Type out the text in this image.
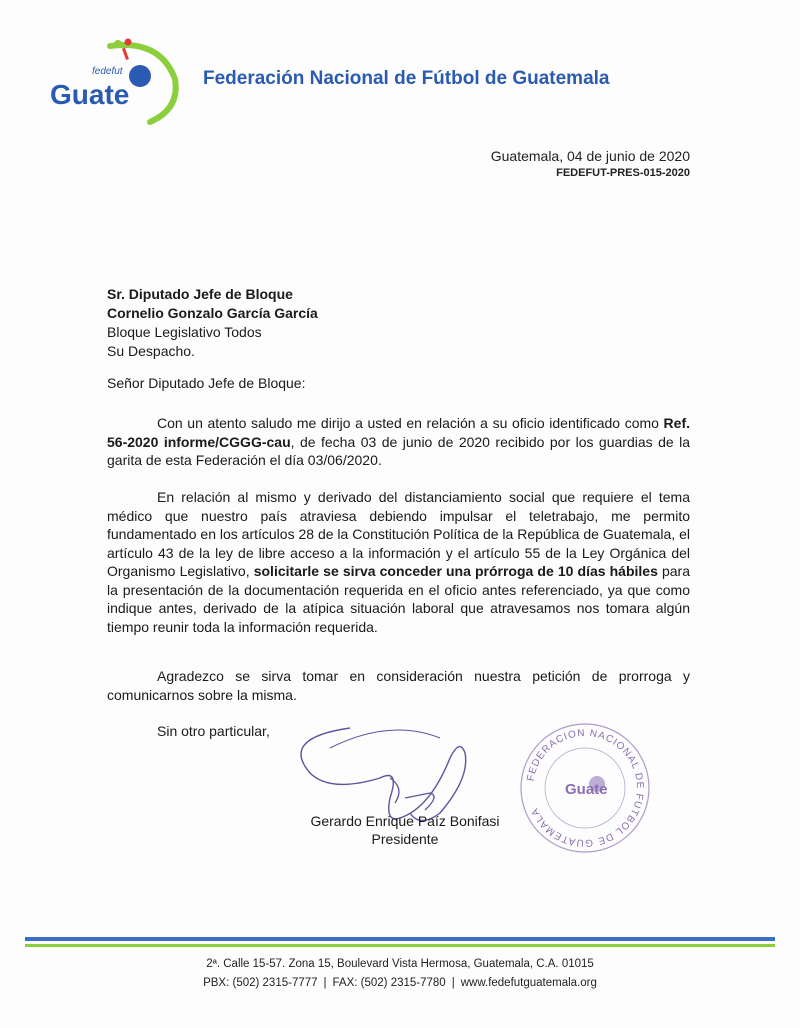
fedefut
Guate
Federación Nacional de Fútbol de Guatemala
Guatemala, 04 de junio de 2020
FEDEFUT-PRES-015-2020
Sr. Diputado Jefe de Bloque
Cornelio Gonzalo García García
Bloque Legislativo Todos
Su Despacho.
Señor Diputado Jefe de Bloque:
Con un atento saludo me dirijo a usted en relación a su oficio identificado como Ref. 56-2020 informe/CGGG-cau, de fecha 03 de junio de 2020 recibido por los guardias de la garita de esta Federación el día 03/06/2020.
En relación al mismo y derivado del distanciamiento social que requiere el tema médico que nuestro país atraviesa debiendo impulsar el teletrabajo, me permito fundamentado en los artículos 28 de la Constitución Política de la República de Guatemala, el artículo 43 de la ley de libre acceso a la información y el artículo 55 de la Ley Orgánica del Organismo Legislativo, solicitarle se sirva conceder una prórroga de 10 días hábiles para la presentación de la documentación requerida en el oficio antes referenciado, ya que como indique antes, derivado de la atípica situación laboral que atravesamos nos tomara algún tiempo reunir toda la información requerida.
Agradezco se sirva tomar en consideración nuestra petición de prorroga y comunicarnos sobre la misma.
Sin otro particular,
Gerardo Enrique Paíz Bonifasi
Presidente
FEDERACION NACIONAL DE FUTBOL DE GUATEMALA
Guate
2ª. Calle 15-57. Zona 15, Boulevard Vista Hermosa, Guatemala, C.A. 01015
PBX: (502) 2315-7777 | FAX: (502) 2315-7780 | www.fedefutguatemala.org
